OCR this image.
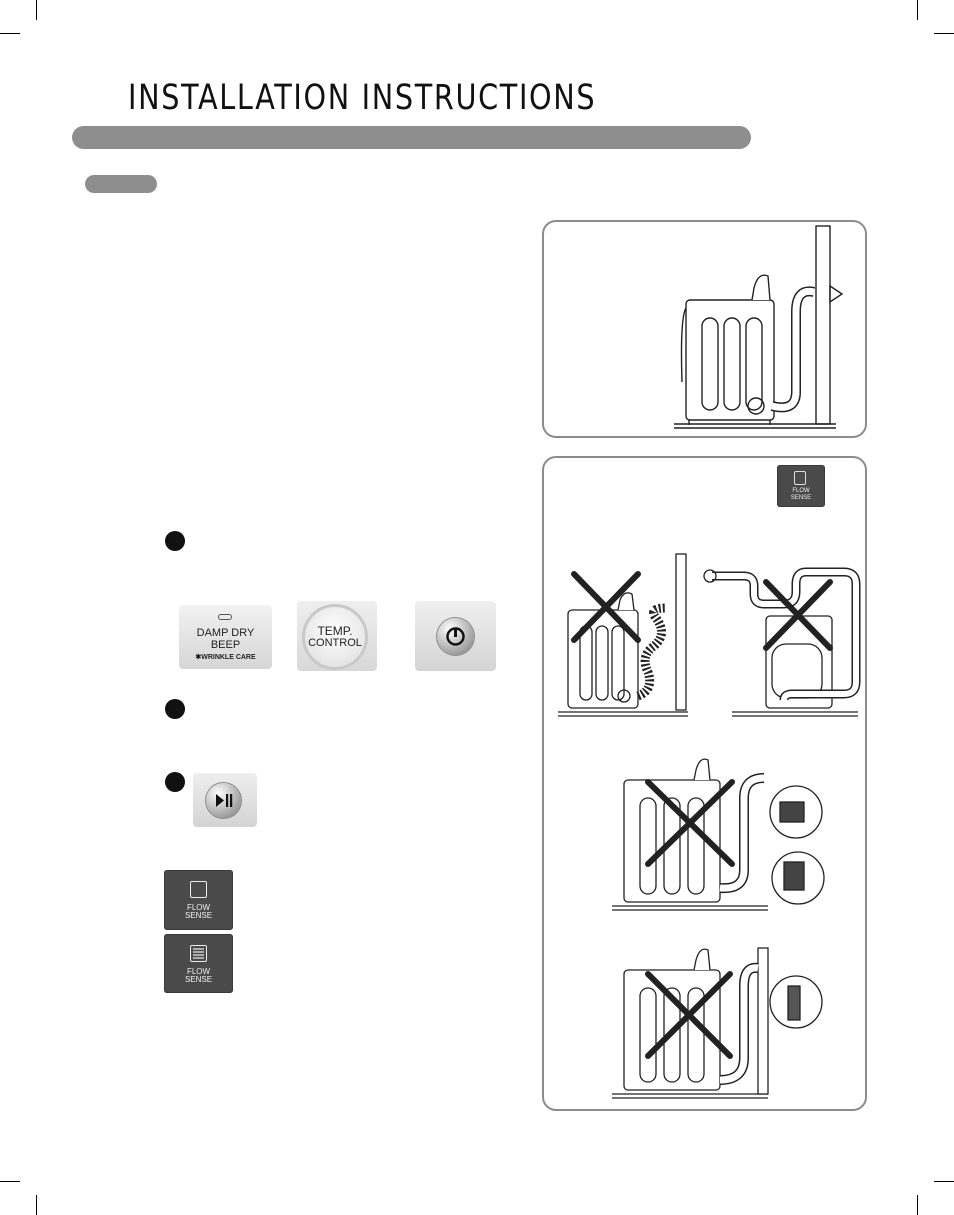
INSTALLATION INSTRUCTIONS
FLOW
SENSE
DAMP DRY
BEEP
✱WRINKLE CARE
TEMP.
CONTROL
FLOW
SENSE
FLOW
SENSE
